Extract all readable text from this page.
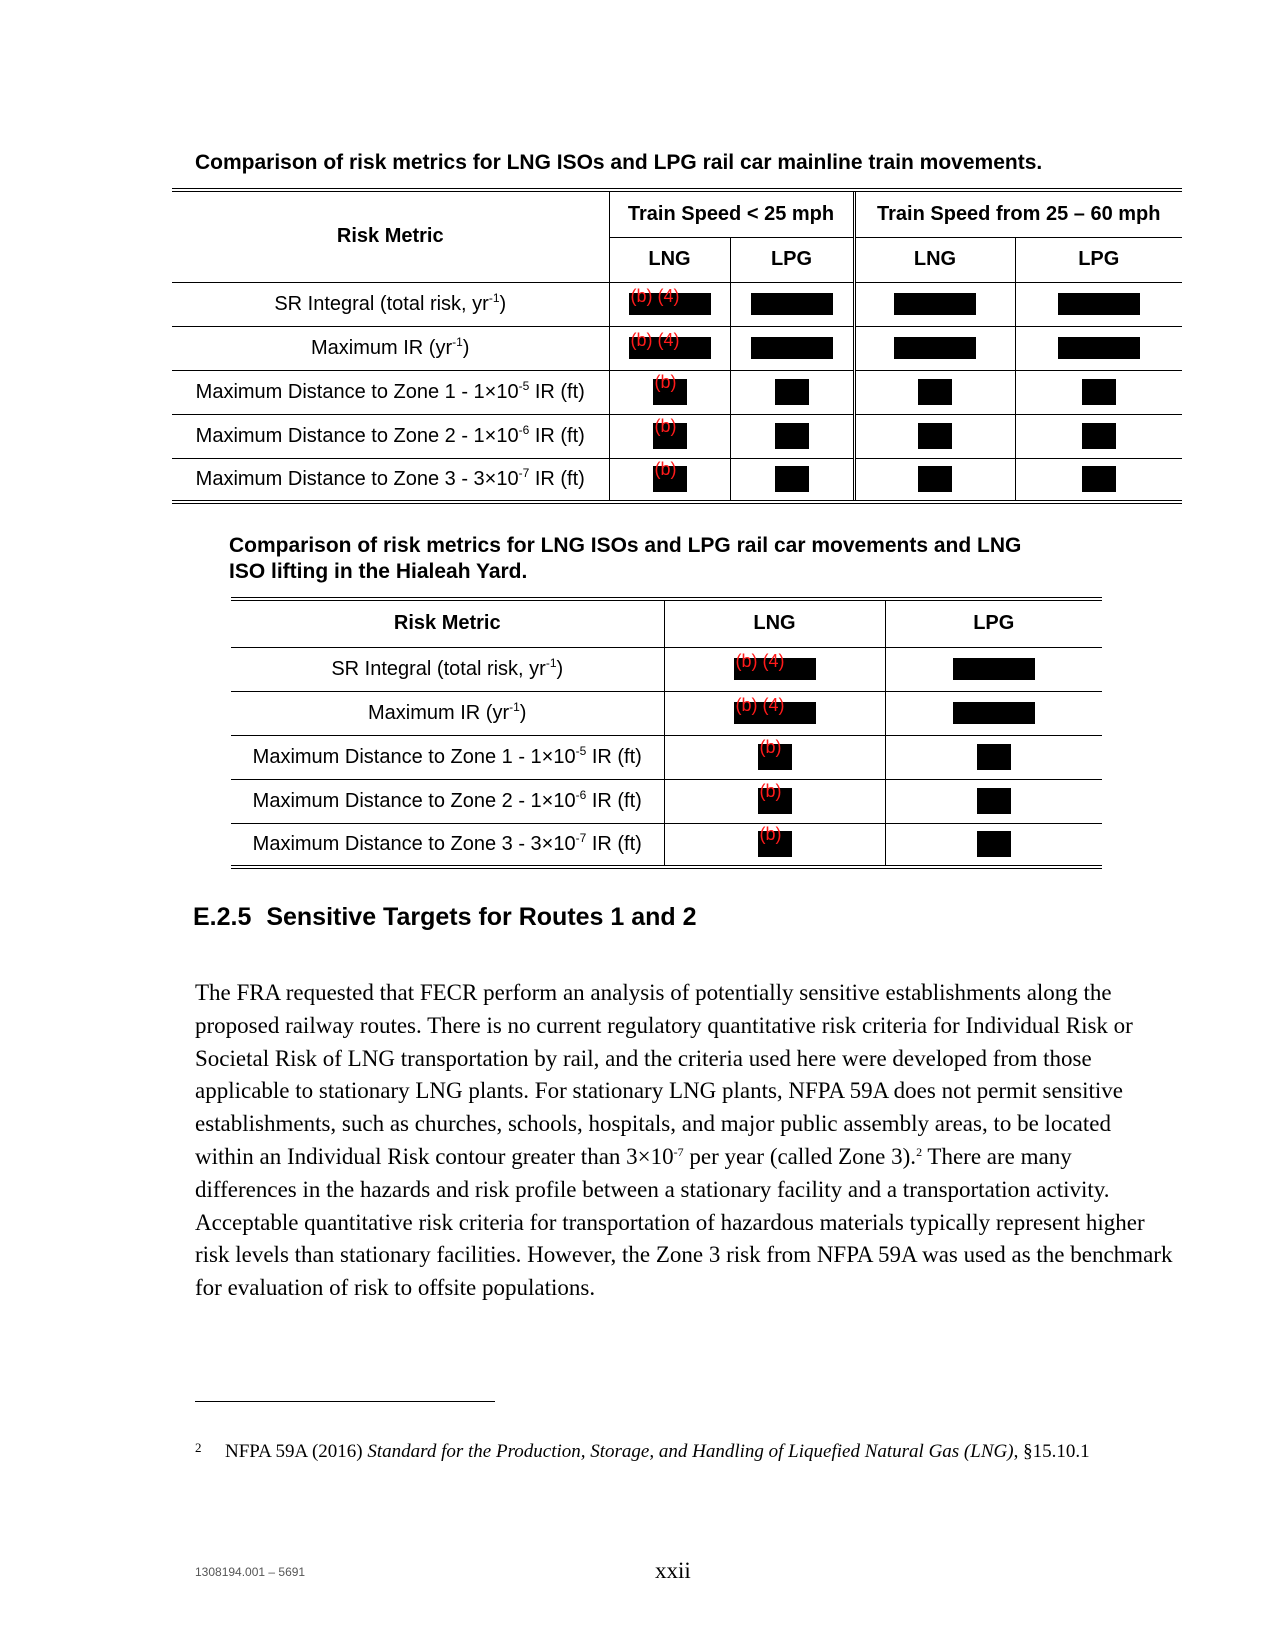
Comparison of risk metrics for LNG ISOs and LPG rail car mainline train movements.
Risk Metric	Train Speed < 25 mph		Train Speed from 25 – 60 mph	
	LNG	LPG	LNG	LPG
SR Integral (total risk, $yr^{-1}$)	(b) (4)			

Maximum IR $(yr^{-1})$	(b) (4)			

Maximum Distance to Zone $1 - 1\times 10^{-5}$ IR (ft)	(b)			

Maximum Distance to Zone $2 - 1\times 10^{-6}$ IR (ft)	(b)			

Maximum Distance to Zone $3 - 3\times 10^{-7}$ IR (ft)	(b)			

Comparison of risk metrics for LNG ISOs and LPG rail car movements and LNG
ISO lifting in the Hialeah Yard.
Risk Metric	LNG	LPG
SR Integral (total risk, $yr^{-1}$)	(b) (4)	

Maximum IR $(yr^{-1})$	(b) (4)	

Maximum Distance to Zone $1 - 1\times 10^{-5}$ IR (ft)	(b)	

Maximum Distance to Zone $2 - 1\times 10^{-6}$ IR (ft)	(b)	

Maximum Distance to Zone $3 - 3\times 10^{-7}$ IR (ft)	(b)	

E.2.5 Sensitive Targets for Routes 1 and 2

The FRA requested that FECR perform an analysis of potentially sensitive establishments along the proposed railway routes. There is no current regulatory quantitative risk criteria for Individual Risk or Societal Risk of LNG transportation by rail, and the criteria used here were developed from those applicable to stationary LNG plants. For stationary LNG plants, NFPA 59A does not permit sensitive establishments, such as churches, schools, hospitals, and major public assembly areas, to be located within an Individual Risk contour greater than $3\times 10^{-7}$ per year (called Zone 3).$^2$ There are many differences in the hazards and risk profile between a stationary facility and a transportation activity. Acceptable quantitative risk criteria for transportation of hazardous materials typically represent higher risk levels than stationary facilities. However, the Zone 3 risk from NFPA 59A was used as the benchmark for evaluation of risk to offsite populations.

2 NFPA 59A (2016) Standard for the Production, Storage, and Handling of Liquefied Natural Gas (LNG), §15.10.1
1308194.001 – 5691	xxii
